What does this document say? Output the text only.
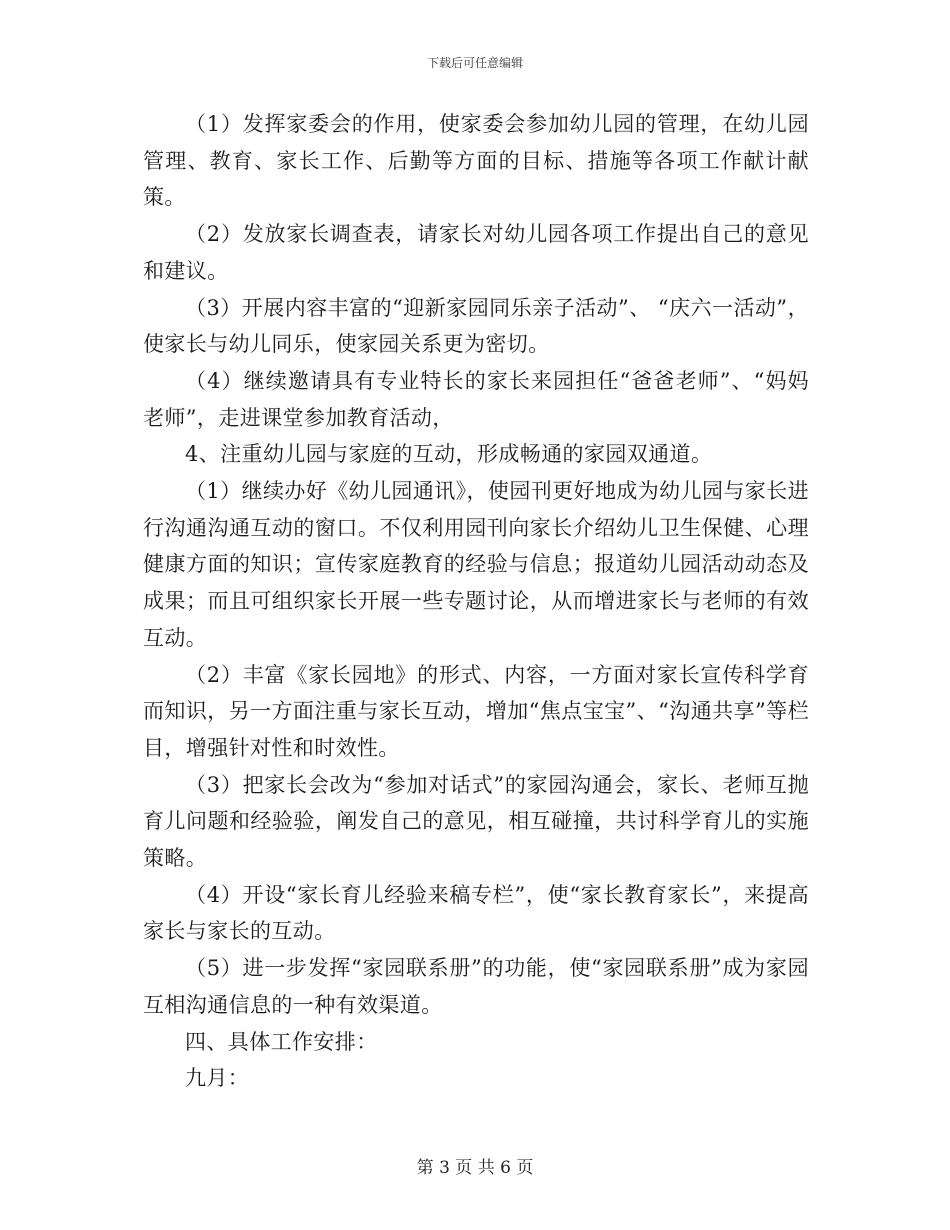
下载后可任意编辑

（1）发挥家委会的作用，使家委会参加幼儿园的管理，在幼儿园管理、教育、家长工作、后勤等方面的目标、措施等各项工作献计献策。

（2）发放家长调查表，请家长对幼儿园各项工作提出自己的意见和建议。

（3）开展内容丰富的“迎新家园同乐亲子活动”、 “庆六一活动”，使家长与幼儿同乐，使家园关系更为密切。

（4）继续邀请具有专业特长的家长来园担任“爸爸老师”、“妈妈老师”，走进课堂参加教育活动，

4、注重幼儿园与家庭的互动，形成畅通的家园双通道。

（1）继续办好《幼儿园通讯》，使园刊更好地成为幼儿园与家长进行沟通沟通互动的窗口。不仅利用园刊向家长介绍幼儿卫生保健、心理健康方面的知识；宣传家庭教育的经验与信息；报道幼儿园活动动态及成果；而且可组织家长开展一些专题讨论，从而增进家长与老师的有效互动。

（2）丰富《家长园地》的形式、内容，一方面对家长宣传科学育而知识，另一方面注重与家长互动，增加“焦点宝宝”、“沟通共享”等栏目，增强针对性和时效性。

（3）把家长会改为“参加对话式”的家园沟通会，家长、老师互抛育儿问题和经验验，阐发自己的意见，相互碰撞，共讨科学育儿的实施策略。

（4）开设“家长育儿经验来稿专栏”，使“家长教育家长”，来提高家长与家长的互动。

（5）进一步发挥“家园联系册”的功能，使“家园联系册”成为家园互相沟通信息的一种有效渠道。

四、具体工作安排：

九月：

第 3 页 共 6 页
